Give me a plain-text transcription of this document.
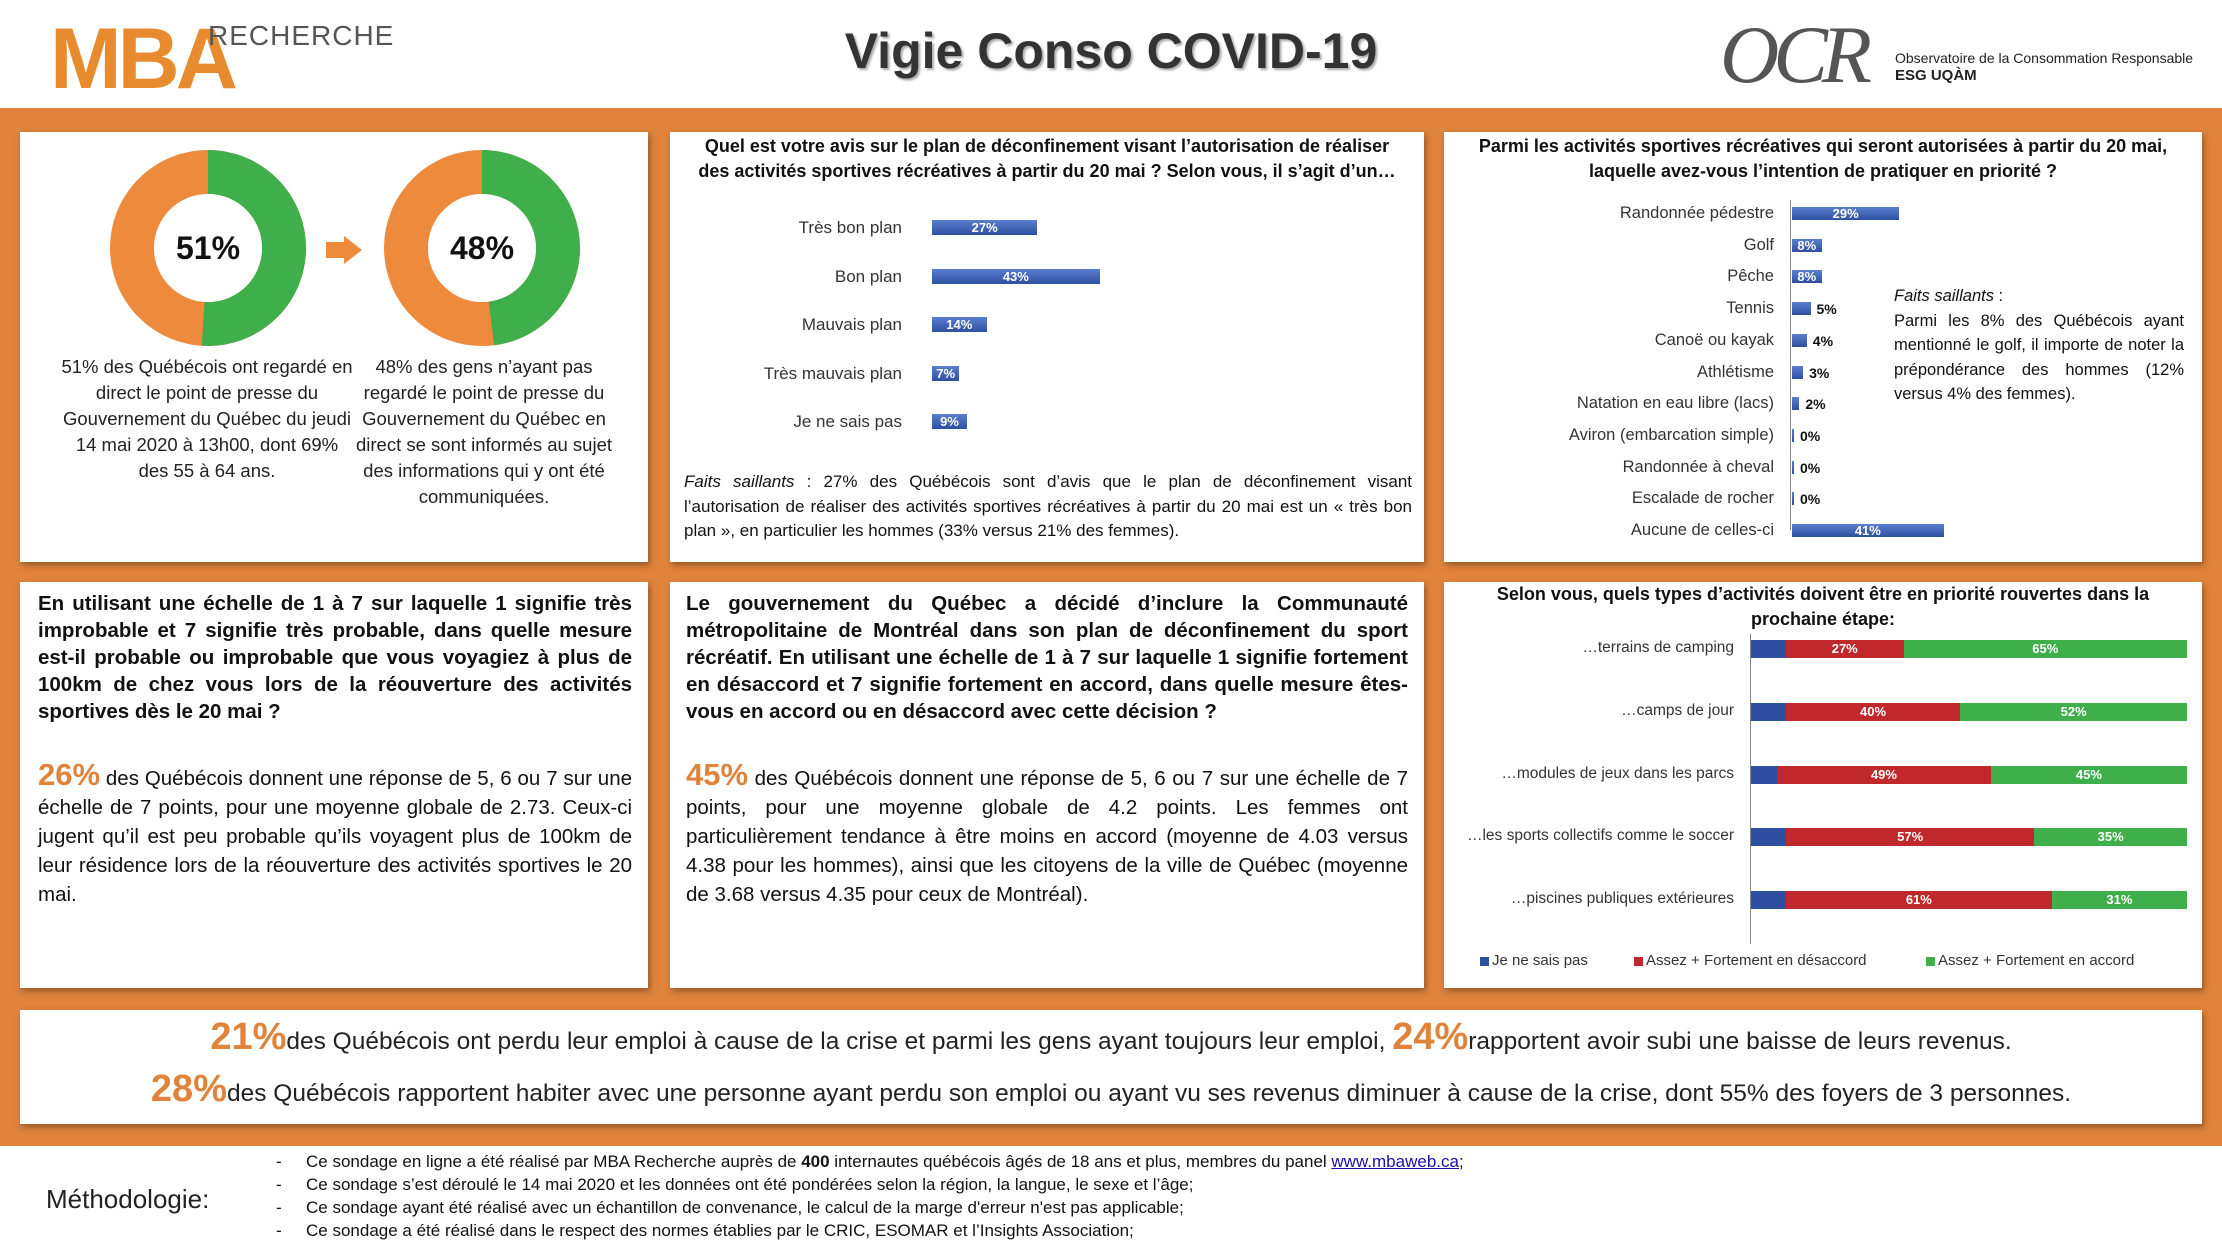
MBA
RECHERCHE	Vigie Conso COVID-19	OCR Observatoire de la Consommation Responsable
ESG UQÀM
51%	48%
51% des Québécois ont regardé en direct le point de presse du Gouvernement du Québec du jeudi 14 mai 2020 à 13h00, dont 69% des 55 à 64 ans.
48% des gens n’ayant pas regardé le point de presse du Gouvernement du Québec en direct se sont informés au sujet des informations qui y ont été communiquées.
Quel est votre avis sur le plan de déconfinement visant l’autorisation de réaliser des activités sportives récréatives à partir du 20 mai ? Selon vous, il s’agit d’un…
Très bon plan	27%
Bon plan	43%
Mauvais plan	14%
Très mauvais plan	7%
Je ne sais pas	9%
Faits saillants : 27% des Québécois sont d’avis que le plan de déconfinement visant l’autorisation de réaliser des activités sportives récréatives à partir du 20 mai est un « très bon plan », en particulier les hommes (33% versus 21% des femmes).
Parmi les activités sportives récréatives qui seront autorisées à partir du 20 mai, laquelle avez-vous l’intention de pratiquer en priorité ?
Randonnée pédestre	29%
Golf	8%
Pêche	8%
Tennis	5%
Canoë ou kayak	4%
Athlétisme	3%
Natation en eau libre (lacs) 2%
Aviron (embarcation simple) 0%
Randonnée à cheval 0%
Escalade de rocher 0%
Aucune de celles-ci	41%
Faits saillants :
Parmi les 8% des Québécois ayant mentionné le golf, il importe de noter la prépondérance des hommes (12% versus 4% des femmes).
En utilisant une échelle de 1 à 7 sur laquelle 1 signifie très improbable et 7 signifie très probable, dans quelle mesure est-il probable ou improbable que vous voyagiez à plus de 100km de chez vous lors de la réouverture des activités sportives dès le 20 mai ?
26% des Québécois donnent une réponse de 5, 6 ou 7 sur une échelle de 7 points, pour une moyenne globale de 2.73. Ceux-ci jugent qu’il est peu probable qu’ils voyagent plus de 100km de leur résidence lors de la réouverture des activités sportives le 20 mai.
Le gouvernement du Québec a décidé d’inclure la Communauté métropolitaine de Montréal dans son plan de déconfinement du sport récréatif. En utilisant une échelle de 1 à 7 sur laquelle 1 signifie fortement en désaccord et 7 signifie fortement en accord, dans quelle mesure êtes-vous en accord ou en désaccord avec cette décision ?
45% des Québécois donnent une réponse de 5, 6 ou 7 sur une échelle de 7 points, pour une moyenne globale de 4.2 points. Les femmes ont particulièrement tendance à être moins en accord (moyenne de 4.03 versus 4.38 pour les hommes), ainsi que les citoyens de la ville de Québec (moyenne de 3.68 versus 4.35 pour ceux de Montréal).
Selon vous, quels types d’activités doivent être en priorité rouvertes dans la prochaine étape:
…terrains de camping	27%	65%
…camps de jour	40%	52%
…modules de jeux dans les parcs	49%	45%
…les sports collectifs comme le soccer	57%	35%
…piscines publiques extérieures	61%	31%
Je ne sais pas	Assez + Fortement en désaccord	Assez + Fortement en accord
21%des Québécois ont perdu leur emploi à cause de la crise et parmi les gens ayant toujours leur emploi, 24%rapportent avoir subi une baisse de leurs revenus.
28%des Québécois rapportent habiter avec une personne ayant perdu son emploi ou ayant vu ses revenus diminuer à cause de la crise, dont 55% des foyers de 3 personnes.
Méthodologie:
- Ce sondage en ligne a été réalisé par MBA Recherche auprès de 400 internautes québécois âgés de 18 ans et plus, membres du panel www.mbaweb.ca;
- Ce sondage s’est déroulé le 14 mai 2020 et les données ont été pondérées selon la région, la langue, le sexe et l’âge;
- Ce sondage ayant été réalisé avec un échantillon de convenance, le calcul de la marge d'erreur n'est pas applicable;
- Ce sondage a été réalisé dans le respect des normes établies par le CRIC, ESOMAR et l’Insights Association;
